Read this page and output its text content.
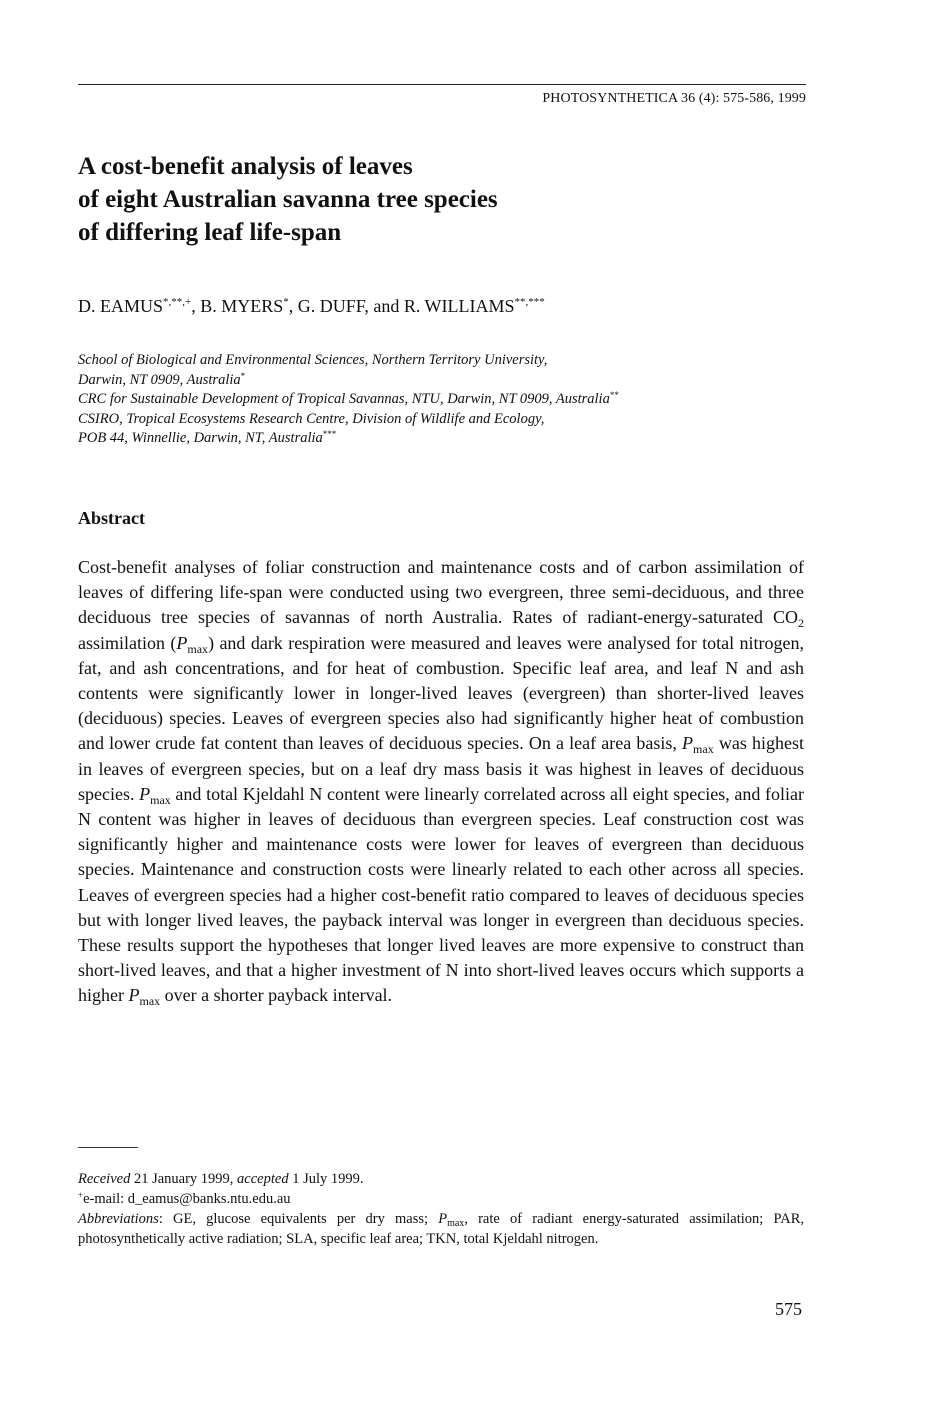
PHOTOSYNTHETICA 36 (4): 575-586, 1999
A cost-benefit analysis of leaves
of eight Australian savanna tree species
of differing leaf life-span
D. EAMUS*,**,+, B. MYERS*, G. DUFF, and R. WILLIAMS**,***
School of Biological and Environmental Sciences, Northern Territory University,
Darwin, NT 0909, Australia*
CRC for Sustainable Development of Tropical Savannas, NTU, Darwin, NT 0909, Australia**
CSIRO, Tropical Ecosystems Research Centre, Division of Wildlife and Ecology,
POB 44, Winnellie, Darwin, NT, Australia***
Abstract

Cost-benefit analyses of foliar construction and maintenance costs and of carbon assimilation of leaves of differing life-span were conducted using two evergreen, three semi-deciduous, and three deciduous tree species of savannas of north Australia. Rates of radiant-energy-saturated $CO_2$ assimilation $(P_{max})$ and dark respiration were measured and leaves were analysed for total nitrogen, fat, and ash concentrations, and for heat of combustion. Specific leaf area, and leaf N and ash contents were significantly lower in longer-lived leaves (evergreen) than shorter-lived leaves (deciduous) species. Leaves of evergreen species also had significantly higher heat of combustion and lower crude fat content than leaves of deciduous species. On a leaf area basis, $P_{max}$ was highest in leaves of evergreen species, but on a leaf dry mass basis it was highest in leaves of deciduous species. $P_{max}$ and total Kjeldahl N content were linearly correlated across all eight species, and foliar N content was higher in leaves of deciduous than evergreen species. Leaf construction cost was significantly higher and maintenance costs were lower for leaves of evergreen than deciduous species. Maintenance and construction costs were linearly related to each other across all species. Leaves of evergreen species had a higher cost-benefit ratio compared to leaves of deciduous species but with longer lived leaves, the payback interval was longer in evergreen than deciduous species. These results support the hypotheses that longer lived leaves are more expensive to construct than short-lived leaves, and that a higher investment of N into short-lived leaves occurs which supports a higher $P_{max}$ over a shorter payback interval.

Received 21 January 1999, accepted 1 July 1999.

+e-mail: d_eamus@banks.ntu.edu.au

Abbreviations: GE, glucose equivalents per dry mass; $P_{max}$, rate of radiant energy-saturated assimilation; PAR, photosynthetically active radiation; SLA, specific leaf area; TKN, total Kjeldahl nitrogen.

575
